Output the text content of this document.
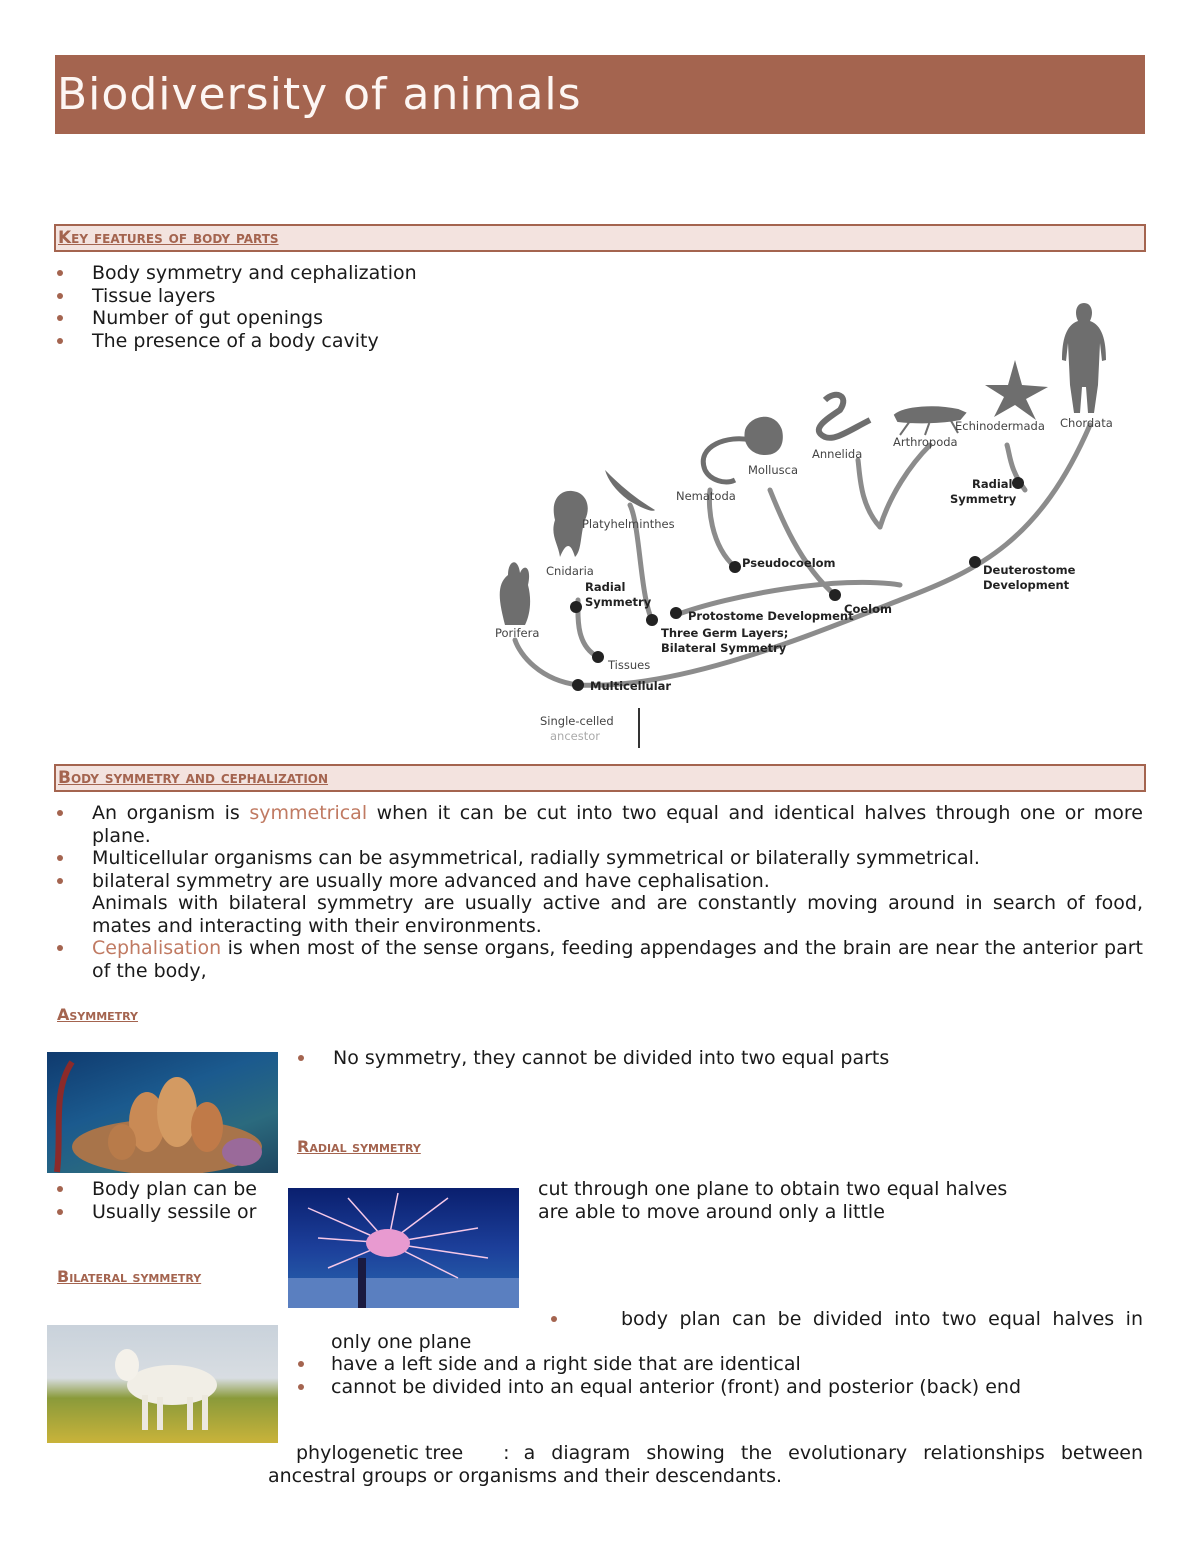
Biodiversity of animals
Key features of body parts
Body symmetry and cephalization
Tissue layers
Number of gut openings
The presence of a body cavity
Porifera
Cnidaria
Platyhelminthes
Nematoda
Mollusca
Annelida
Arthropoda
Echinodermada Chordata
Single-celled
ancestor
Multicellular
Tissues
Radial
Symmetry
Three Germ Layers;
Bilateral Symmetry
Protostome Development
Pseudocoelom
Coelom
Deuterostome
Development
Radial
Symmetry
Body symmetry and cephalization
An organism is symmetrical when it can be cut into two equal and identical halves through one or more plane.
Multicellular organisms can be asymmetrical, radially symmetrical or bilaterally symmetrical.
bilateral symmetry are usually more advanced and have cephalisation.
Animals with bilateral symmetry are usually active and are constantly moving around in search of food, mates and interacting with their environments.
Cephalisation is when most of the sense organs, feeding appendages and the brain are near the anterior part of the body,
Asymmetry
No symmetry, they cannot be divided into two equal parts
Radial symmetry
Body plan can be
Usually sessile or
cut through one plane to obtain two equal halves
are able to move around only a little
Bilateral symmetry
body plan can be divided into two equal halves in
only one plane
have a left side and a right side that are identical
cannot be divided into an equal anterior (front) and posterior (back) end
phylogenetic tree : a diagram showing the evolutionary relationships between
ancestral groups or organisms and their descendants.
